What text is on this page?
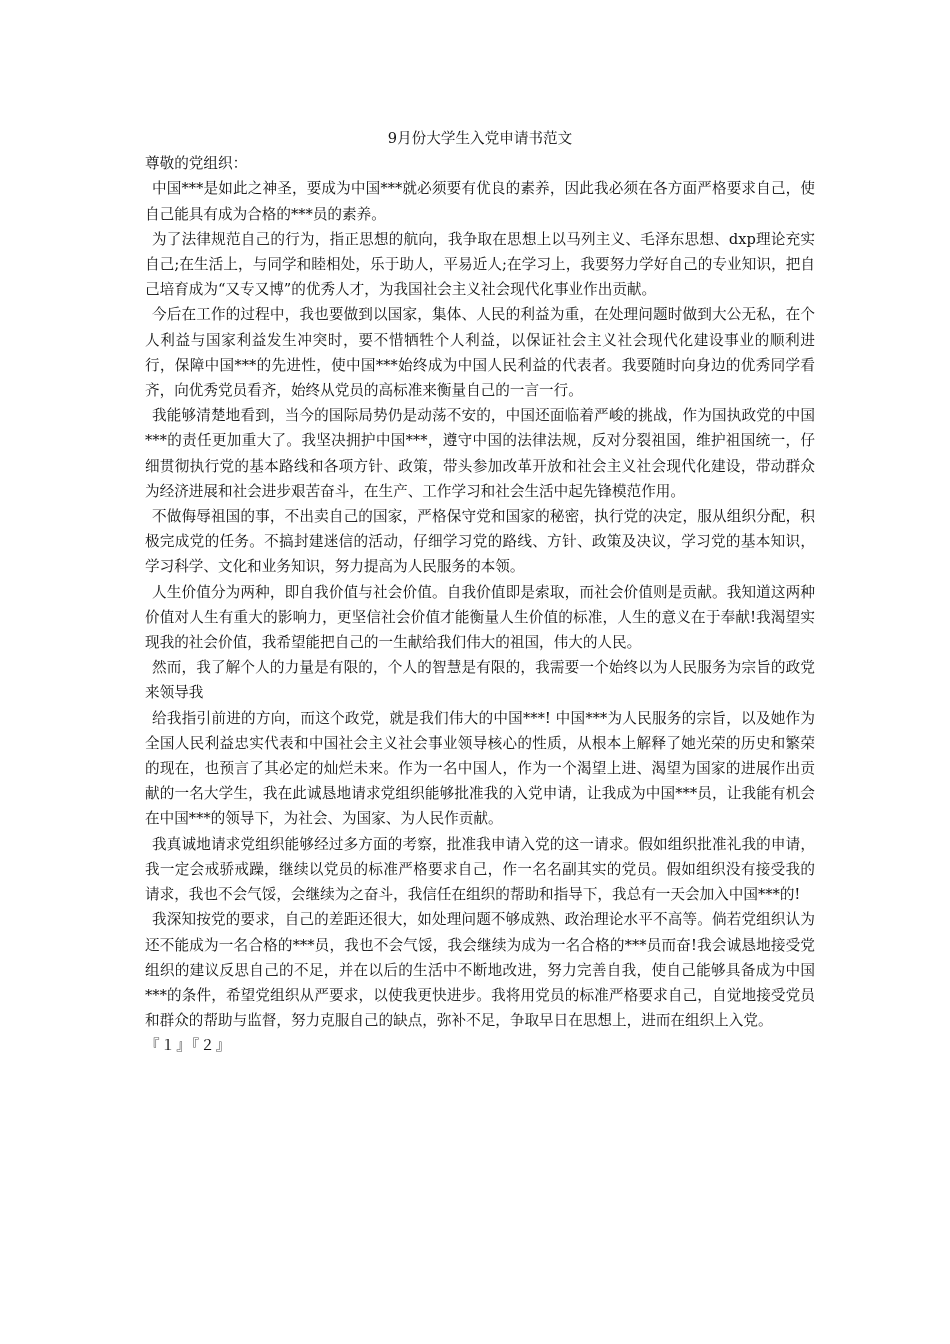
9月份大学生入党申请书范文

尊敬的党组织：

中国***是如此之神圣，要成为中国***就必须要有优良的素养，因此我必须在各方面严格要求自己，使自己能具有成为合格的***员的素养。

为了法律规范自己的行为，指正思想的航向，我争取在思想上以马列主义、毛泽东思想、dxp理论充实自己;在生活上，与同学和睦相处，乐于助人，平易近人;在学习上，我要努力学好自己的专业知识，把自己培育成为“又专又博”的优秀人才，为我国社会主义社会现代化事业作出贡献。

今后在工作的过程中，我也要做到以国家，集体、人民的利益为重，在处理问题时做到大公无私，在个人利益与国家利益发生冲突时，要不惜牺牲个人利益，以保证社会主义社会现代化建设事业的顺利进行，保障中国***的先进性，使中国***始终成为中国人民利益的代表者。我要随时向身边的优秀同学看齐，向优秀党员看齐，始终从党员的高标准来衡量自己的一言一行。

我能够清楚地看到，当今的国际局势仍是动荡不安的，中国还面临着严峻的挑战，作为国执政党的中国***的责任更加重大了。我坚决拥护中国***，遵守中国的法律法规，反对分裂祖国，维护祖国统一，仔细贯彻执行党的基本路线和各项方针、政策，带头参加改革开放和社会主义社会现代化建设，带动群众为经济进展和社会进步艰苦奋斗，在生产、工作学习和社会生活中起先锋模范作用。

不做侮辱祖国的事，不出卖自己的国家，严格保守党和国家的秘密，执行党的决定，服从组织分配，积极完成党的任务。不搞封建迷信的活动，仔细学习党的路线、方针、政策及决议，学习党的基本知识，学习科学、文化和业务知识，努力提高为人民服务的本领。

人生价值分为两种，即自我价值与社会价值。自我价值即是索取，而社会价值则是贡献。我知道这两种价值对人生有重大的影响力，更坚信社会价值才能衡量人生价值的标准，人生的意义在于奉献!我渴望实现我的社会价值，我希望能把自己的一生献给我们伟大的祖国，伟大的人民。

然而，我了解个人的力量是有限的，个人的智慧是有限的，我需要一个始终以为人民服务为宗旨的政党来领导我

给我指引前进的方向，而这个政党，就是我们伟大的中国***! 中国***为人民服务的宗旨，以及她作为全国人民利益忠实代表和中国社会主义社会事业领导核心的性质，从根本上解释了她光荣的历史和繁荣的现在，也预言了其必定的灿烂未来。作为一名中国人，作为一个渴望上进、渴望为国家的进展作出贡献的一名大学生，我在此诚恳地请求党组织能够批准我的入党申请，让我成为中国***员，让我能有机会在中国***的领导下，为社会、为国家、为人民作贡献。

我真诚地请求党组织能够经过多方面的考察，批准我申请入党的这一请求。假如组织批准礼我的申请，我一定会戒骄戒躁，继续以党员的标准严格要求自己，作一名名副其实的党员。假如组织没有接受我的请求，我也不会气馁，会继续为之奋斗，我信任在组织的帮助和指导下，我总有一天会加入中国***的!

我深知按党的要求，自己的差距还很大，如处理问题不够成熟、政治理论水平不高等。倘若党组织认为还不能成为一名合格的***员，我也不会气馁，我会继续为成为一名合格的***员而奋!我会诚恳地接受党组织的建议反思自己的不足，并在以后的生活中不断地改进，努力完善自我，使自己能够具备成为中国***的条件，希望党组织从严要求，以使我更快进步。我将用党员的标准严格要求自己，自觉地接受党员和群众的帮助与监督，努力克服自己的缺点，弥补不足，争取早日在思想上，进而在组织上入党。

『１』『２』
